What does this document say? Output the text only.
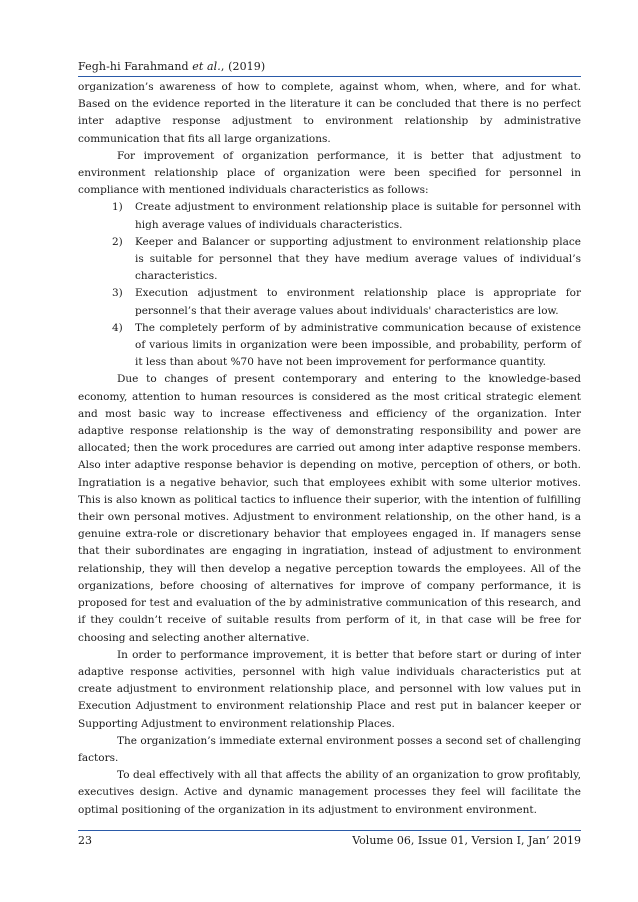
Fegh-hi Farahmand et al., (2019)

organization’s awareness of how to complete, against whom, when, where, and for what. Based on the evidence reported in the literature it can be concluded that there is no perfect inter adaptive response adjustment to environment relationship by administrative communication that fits all large organizations.

For improvement of organization performance, it is better that adjustment to environment relationship place of organization were been specified for personnel in compliance with mentioned individuals characteristics as follows:

1) Create adjustment to environment relationship place is suitable for personnel with high average values of individuals characteristics.
2) Keeper and Balancer or supporting adjustment to environment relationship place is suitable for personnel that they have medium average values of individual’s characteristics.
3) Execution adjustment to environment relationship place is appropriate for personnel’s that their average values about individuals' characteristics are low.
4) The completely perform of by administrative communication because of existence of various limits in organization were been impossible, and probability, perform of it less than about %70 have not been improvement for performance quantity.

Due to changes of present contemporary and entering to the knowledge-based economy, attention to human resources is considered as the most critical strategic element and most basic way to increase effectiveness and efficiency of the organization. Inter adaptive response relationship is the way of demonstrating responsibility and power are allocated; then the work procedures are carried out among inter adaptive response members. Also inter adaptive response behavior is depending on motive, perception of others, or both. Ingratiation is a negative behavior, such that employees exhibit with some ulterior motives. This is also known as political tactics to influence their superior, with the intention of fulfilling their own personal motives. Adjustment to environment relationship, on the other hand, is a genuine extra-role or discretionary behavior that employees engaged in. If managers sense that their subordinates are engaging in ingratiation, instead of adjustment to environment relationship, they will then develop a negative perception towards the employees. All of the organizations, before choosing of alternatives for improve of company performance, it is proposed for test and evaluation of the by administrative communication of this research, and if they couldn’t receive of suitable results from perform of it, in that case will be free for choosing and selecting another alternative.

In order to performance improvement, it is better that before start or during of inter adaptive response activities, personnel with high value individuals characteristics put at create adjustment to environment relationship place, and personnel with low values put in Execution Adjustment to environment relationship Place and rest put in balancer keeper or Supporting Adjustment to environment relationship Places.

The organization’s immediate external environment posses a second set of challenging factors.

To deal effectively with all that affects the ability of an organization to grow profitably, executives design. Active and dynamic management processes they feel will facilitate the optimal positioning of the organization in its adjustment to environment environment.

23	Volume 06, Issue 01, Version I, Jan’ 2019
